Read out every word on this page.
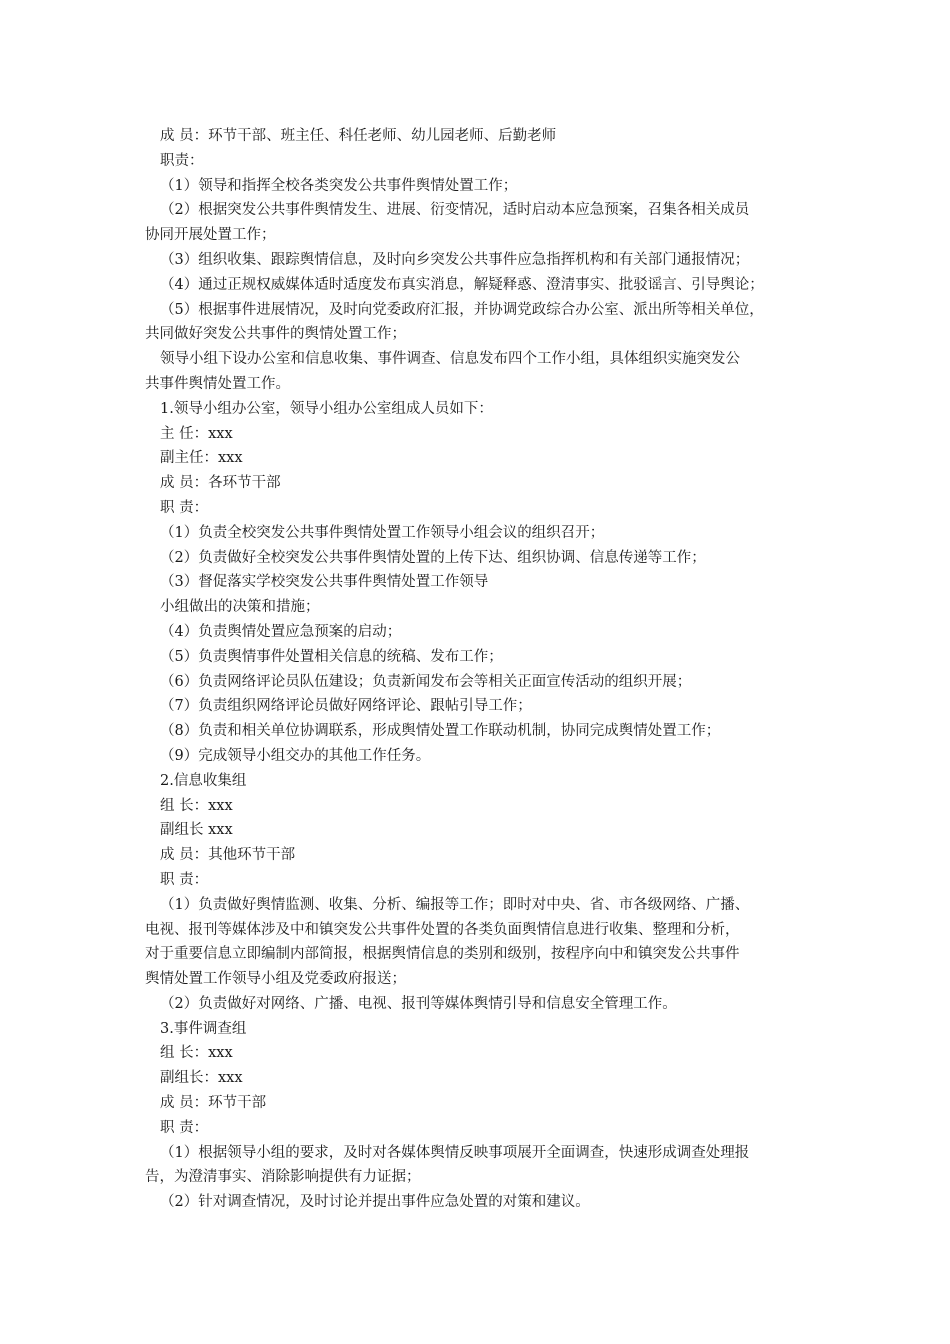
成 员：环节干部、班主任、科任老师、幼儿园老师、后勤老师
职责：
（1）领导和指挥全校各类突发公共事件舆情处置工作；
（2）根据突发公共事件舆情发生、进展、衍变情况，适时启动本应急预案，召集各相关成员
协同开展处置工作；
（3）组织收集、跟踪舆情信息，及时向乡突发公共事件应急指挥机构和有关部门通报情况；
（4）通过正规权威媒体适时适度发布真实消息，解疑释惑、澄清事实、批驳谣言、引导舆论；
（5）根据事件进展情况，及时向党委政府汇报，并协调党政综合办公室、派出所等相关单位，
共同做好突发公共事件的舆情处置工作；
领导小组下设办公室和信息收集、事件调查、信息发布四个工作小组，具体组织实施突发公
共事件舆情处置工作。
1.领导小组办公室，领导小组办公室组成人员如下：
主 任：xxx
副主任：xxx
成 员：各环节干部
职 责：
（1）负责全校突发公共事件舆情处置工作领导小组会议的组织召开；
（2）负责做好全校突发公共事件舆情处置的上传下达、组织协调、信息传递等工作；
（3）督促落实学校突发公共事件舆情处置工作领导
小组做出的决策和措施；
（4）负责舆情处置应急预案的启动；
（5）负责舆情事件处置相关信息的统稿、发布工作；
（6）负责网络评论员队伍建设；负责新闻发布会等相关正面宣传活动的组织开展；
（7）负责组织网络评论员做好网络评论、跟帖引导工作；
（8）负责和相关单位协调联系，形成舆情处置工作联动机制，协同完成舆情处置工作；
（9）完成领导小组交办的其他工作任务。
2.信息收集组
组 长：xxx
副组长 xxx
成 员：其他环节干部
职 责：
（1）负责做好舆情监测、收集、分析、编报等工作；即时对中央、省、市各级网络、广播、
电视、报刊等媒体涉及中和镇突发公共事件处置的各类负面舆情信息进行收集、整理和分析，
对于重要信息立即编制内部简报，根据舆情信息的类别和级别，按程序向中和镇突发公共事件
舆情处置工作领导小组及党委政府报送；
（2）负责做好对网络、广播、电视、报刊等媒体舆情引导和信息安全管理工作。
3.事件调查组
组 长：xxx
副组长：xxx
成 员：环节干部
职 责：
（1）根据领导小组的要求，及时对各媒体舆情反映事项展开全面调查，快速形成调查处理报
告，为澄清事实、消除影响提供有力证据；
（2）针对调查情况，及时讨论并提出事件应急处置的对策和建议。
